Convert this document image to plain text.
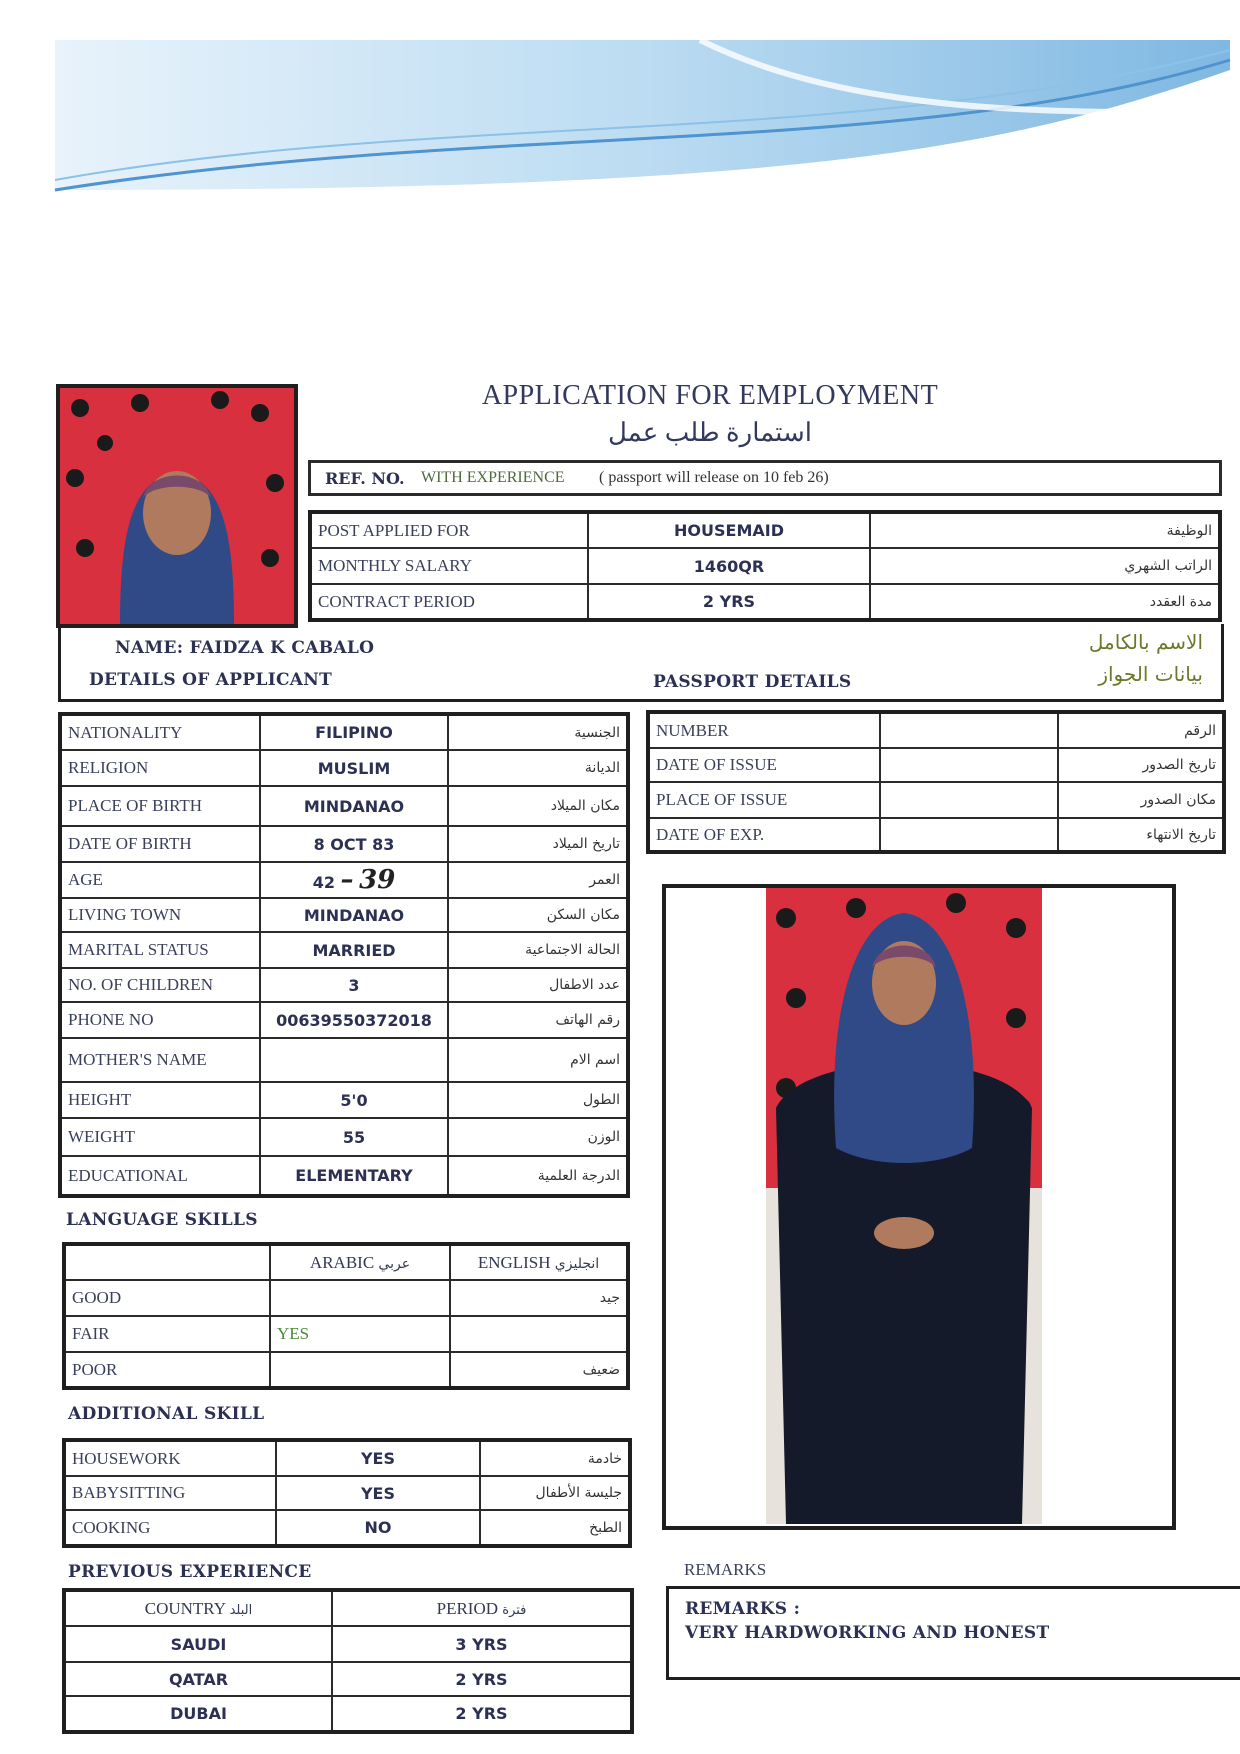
APPLICATION FOR EMPLOYMENT
استمارة طلب عمل
REF. NO. WITH EXPERIENCE ( passport will release on 10 feb 26)
POST APPLIED FOR	HOUSEMAID	الوظيفة
MONTHLY SALARY	1460QR	الراتب الشهري
CONTRACT PERIOD	2 YRS	مدة العقدد
NAME: FAIDZA K CABALO
DETAILS OF APPLICANT	PASSPORT DETAILS
الاسم بالكامل
بيانات الجواز
NATIONALITY	FILIPINO	الجنسية
RELIGION	MUSLIM	الديانة
PLACE OF BIRTH	MINDANAO	مكان الميلاد
DATE OF BIRTH	8 OCT 83	تاريخ الميلاد
AGE	42 – 39	العمر
LIVING TOWN	MINDANAO	مكان السكن
MARITAL STATUS	MARRIED	الحالة الاجتماعية
NO. OF CHILDREN	3	عدد الاطفال
PHONE NO	00639550372018	رقم الهاتف
MOTHER'S NAME		اسم الام
HEIGHT	5'0	الطول
WEIGHT	55	الوزن
EDUCATIONAL	ELEMENTARY	الدرجة العلمية
NUMBER		الرقم
DATE OF ISSUE		تاريخ الصدور
PLACE OF ISSUE		مكان الصدور
DATE OF EXP.		تاريخ الانتهاء
LANGUAGE SKILLS
	ARABIC عربي	ENGLISH انجليزي
GOOD		جيد
FAIR	YES	
POOR		ضعيف
ADDITIONAL SKILL
HOUSEWORK	YES	خادمة
BABYSITTING	YES	جليسة الأطفال
COOKING	NO	الطبخ
PREVIOUS EXPERIENCE
COUNTRY البلد	PERIOD فترة
SAUDI	3 YRS
QATAR	2 YRS
DUBAI	2 YRS
REMARKS
REMARKS :
VERY HARDWORKING AND HONEST
